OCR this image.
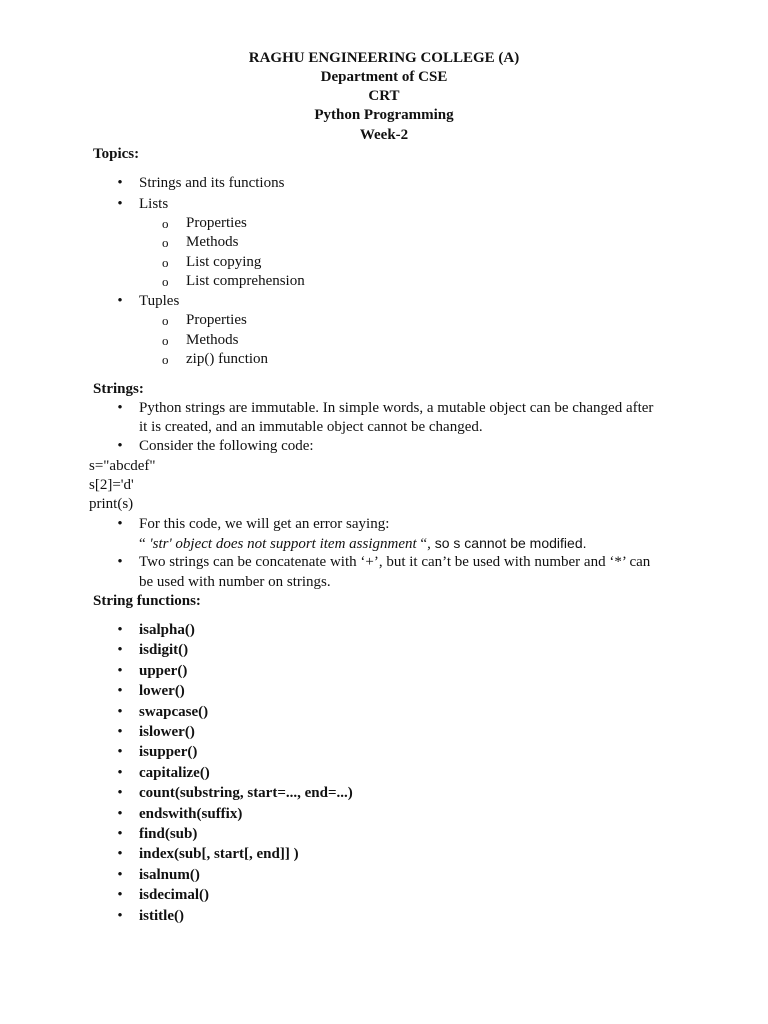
RAGHU ENGINEERING COLLEGE (A)
Department of CSE
CRT
Python Programming
Week-2
Topics:
• Strings and its functions
• Lists
o Properties
o Methods
o List copying
o List comprehension
• Tuples
o Properties
o Methods
o zip() function
Strings:
• Python strings are immutable. In simple words, a mutable object can be changed after
it is created, and an immutable object cannot be changed.
• Consider the following code:
s="abcdef"
s[2]='d'
print(s)
• For this code, we will get an error saying:
“ 'str' object does not support item assignment “, so s cannot be modified.
• Two strings can be concatenate with ‘+’, but it can’t be used with number and ‘*’ can
be used with number on strings.
String functions:
• isalpha()
• isdigit()
• upper()
• lower()
• swapcase()
• islower()
• isupper()
• capitalize()
• count(substring, start=..., end=...)
• endswith(suffix)
• find(sub)
• index(sub[, start[, end]] )
• isalnum()
• isdecimal()
• istitle()
